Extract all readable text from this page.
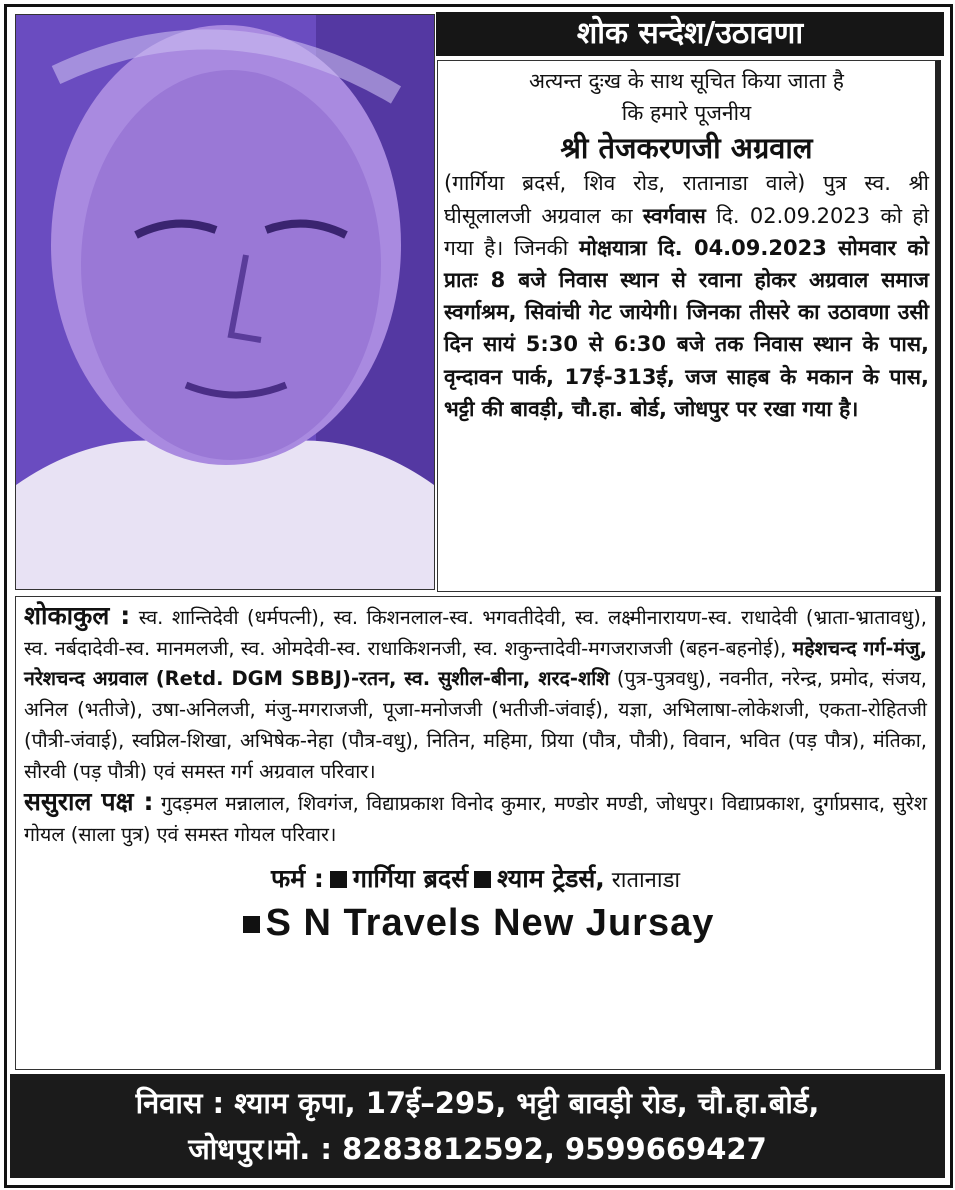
शोक सन्देश/उठावणा
अत्यन्त दुःख के साथ सूचित किया जाता है
कि हमारे पूजनीय
श्री तेजकरणजी अग्रवाल
(गार्गिया ब्रदर्स, शिव रोड, रातानाडा वाले) पुत्र स्व. श्री घीसूलालजी अग्रवाल का स्वर्गवास दि. 02.09.2023 को हो गया है। जिनकी मोक्षयात्रा दि. 04.09.2023 सोमवार को प्रातः 8 बजे निवास स्थान से रवाना होकर अग्रवाल समाज स्वर्गाश्रम, सिवांची गेट जायेगी। जिनका तीसरे का उठावणा उसी दिन सायं 5:30 से 6:30 बजे तक निवास स्थान के पास, वृन्दावन पार्क, 17ई-313ई, जज साहब के मकान के पास, भट्टी की बावड़ी, चौ.हा. बोर्ड, जोधपुर पर रखा गया है।
शोकाकुल : स्व. शान्तिदेवी (धर्मपत्नी), स्व. किशनलाल-स्व. भगवतीदेवी, स्व. लक्ष्मीनारायण-स्व. राधादेवी (भ्राता-भ्रातावधु), स्व. नर्बदादेवी-स्व. मानमलजी, स्व. ओमदेवी-स्व. राधाकिशनजी, स्व. शकुन्तादेवी-मगजराजजी (बहन-बहनोई), महेशचन्द गर्ग-मंजु, नरेशचन्द अग्रवाल (Retd. DGM SBBJ)-रतन, स्व. सुशील-बीना, शरद-शशि (पुत्र-पुत्रवधु), नवनीत, नरेन्द्र, प्रमोद, संजय, अनिल (भतीजे), उषा-अनिलजी, मंजु-मगराजजी, पूजा-मनोजजी (भतीजी-जंवाई), यज्ञा, अभिलाषा-लोकेशजी, एकता-रोहितजी (पौत्री-जंवाई), स्वप्निल-शिखा, अभिषेक-नेहा (पौत्र-वधु), नितिन, महिमा, प्रिया (पौत्र, पौत्री), विवान, भवित (पड़ पौत्र), मंतिका, सौरवी (पड़ पौत्री) एवं समस्त गर्ग अग्रवाल परिवार।
ससुराल पक्ष : गुदड़मल मन्नालाल, शिवगंज, विद्याप्रकाश विनोद कुमार, मण्डोर मण्डी, जोधपुर। विद्याप्रकाश, दुर्गाप्रसाद, सुरेश गोयल (साला पुत्र) एवं समस्त गोयल परिवार।
फर्म : गार्गिया ब्रदर्स श्याम ट्रेडर्स, रातानाडा
S N Travels New Jursay
निवास : श्याम कृपा, 17ई–295, भट्टी बावड़ी रोड, चौ.हा.बोर्ड,
जोधपुर।मो. : 8283812592, 9599669427
